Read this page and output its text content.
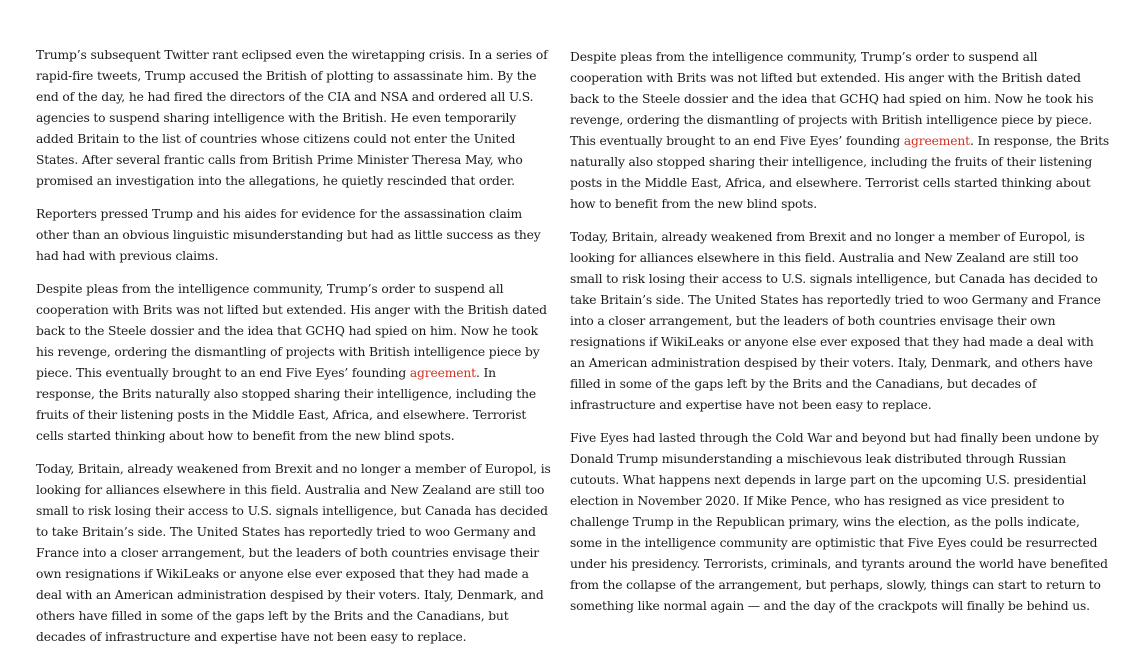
Trump’s subsequent Twitter rant eclipsed even the wiretapping crisis. In a series of rapid-fire tweets, Trump accused the British of plotting to assassinate him. By the end of the day, he had fired the directors of the CIA and NSA and ordered all U.S. agencies to suspend sharing intelligence with the British. He even temporarily added Britain to the list of countries whose citizens could not enter the United States. After several frantic calls from British Prime Minister Theresa May, who promised an investigation into the allegations, he quietly rescinded that order.

Reporters pressed Trump and his aides for evidence for the assassination claim other than an obvious linguistic misunderstanding but had as little success as they had had with previous claims.

Despite pleas from the intelligence community, Trump’s order to suspend all cooperation with Brits was not lifted but extended. His anger with the British dated back to the Steele dossier and the idea that GCHQ had spied on him. Now he took his revenge, ordering the dismantling of projects with British intelligence piece by piece. This eventually brought to an end Five Eyes’ founding agreement. In response, the Brits naturally also stopped sharing their intelligence, including the fruits of their listening posts in the Middle East, Africa, and elsewhere. Terrorist cells started thinking about how to benefit from the new blind spots.

Today, Britain, already weakened from Brexit and no longer a member of Europol, is looking for alliances elsewhere in this field. Australia and New Zealand are still too small to risk losing their access to U.S. signals intelligence, but Canada has decided to take Britain’s side. The United States has reportedly tried to woo Germany and France into a closer arrangement, but the leaders of both countries envisage their own resignations if WikiLeaks or anyone else ever exposed that they had made a deal with an American administration despised by their voters. Italy, Denmark, and others have filled in some of the gaps left by the Brits and the Canadians, but decades of infrastructure and expertise have not been easy to replace.

Despite pleas from the intelligence community, Trump’s order to suspend all cooperation with Brits was not lifted but extended. His anger with the British dated back to the Steele dossier and the idea that GCHQ had spied on him. Now he took his revenge, ordering the dismantling of projects with British intelligence piece by piece. This eventually brought to an end Five Eyes’ founding agreement. In response, the Brits naturally also stopped sharing their intelligence, including the fruits of their listening posts in the Middle East, Africa, and elsewhere. Terrorist cells started thinking about how to benefit from the new blind spots.

Today, Britain, already weakened from Brexit and no longer a member of Europol, is looking for alliances elsewhere in this field. Australia and New Zealand are still too small to risk losing their access to U.S. signals intelligence, but Canada has decided to take Britain’s side. The United States has reportedly tried to woo Germany and France into a closer arrangement, but the leaders of both countries envisage their own resignations if WikiLeaks or anyone else ever exposed that they had made a deal with an American administration despised by their voters. Italy, Denmark, and others have filled in some of the gaps left by the Brits and the Canadians, but decades of infrastructure and expertise have not been easy to replace.

Five Eyes had lasted through the Cold War and beyond but had finally been undone by Donald Trump misunderstanding a mischievous leak distributed through Russian cutouts. What happens next depends in large part on the upcoming U.S. presidential election in November 2020. If Mike Pence, who has resigned as vice president to challenge Trump in the Republican primary, wins the election, as the polls indicate, some in the intelligence community are optimistic that Five Eyes could be resurrected under his presidency. Terrorists, criminals, and tyrants around the world have benefited from the collapse of the arrangement, but perhaps, slowly, things can start to return to something like normal again — and the day of the crackpots will finally be behind us.
